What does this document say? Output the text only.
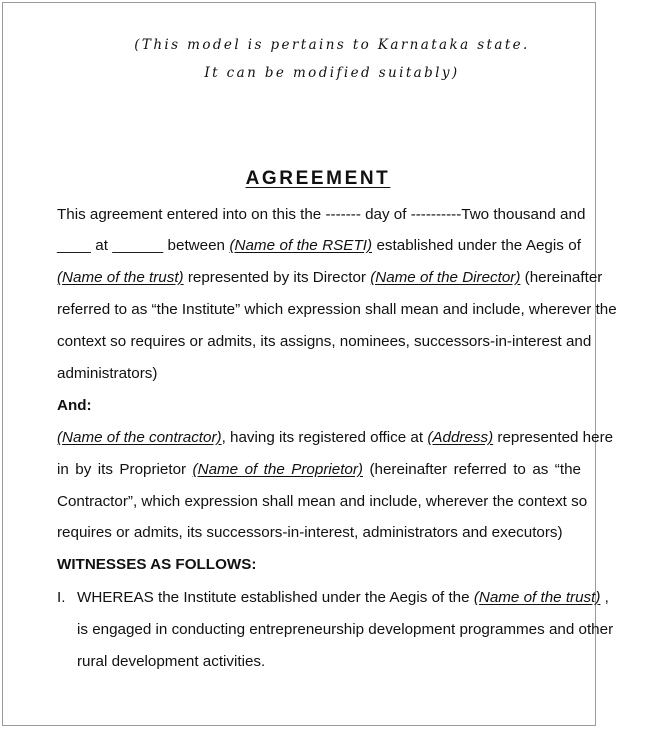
(This model is pertains to Karnataka state.
It can be modified suitably)
AGREEMENT
This agreement entered into on this the ------- day of ----------Two thousand and
____ at ______ between (Name of the RSETI) established under the Aegis of
(Name of the trust) represented by its Director (Name of the Director) (hereinafter
referred to as “the Institute” which expression shall mean and include, wherever the
context so requires or admits, its assigns, nominees, successors-in-interest and
administrators)
And:
(Name of the contractor), having its registered office at (Address) represented here
in by its Proprietor (Name of the Proprietor) (hereinafter referred to as “the
Contractor”, which expression shall mean and include, wherever the context so
requires or admits, its successors-in-interest, administrators and executors)
WITNESSES AS FOLLOWS:
I. WHEREAS the Institute established under the Aegis of the (Name of the trust) ,
is engaged in conducting entrepreneurship development programmes and other
rural development activities.
